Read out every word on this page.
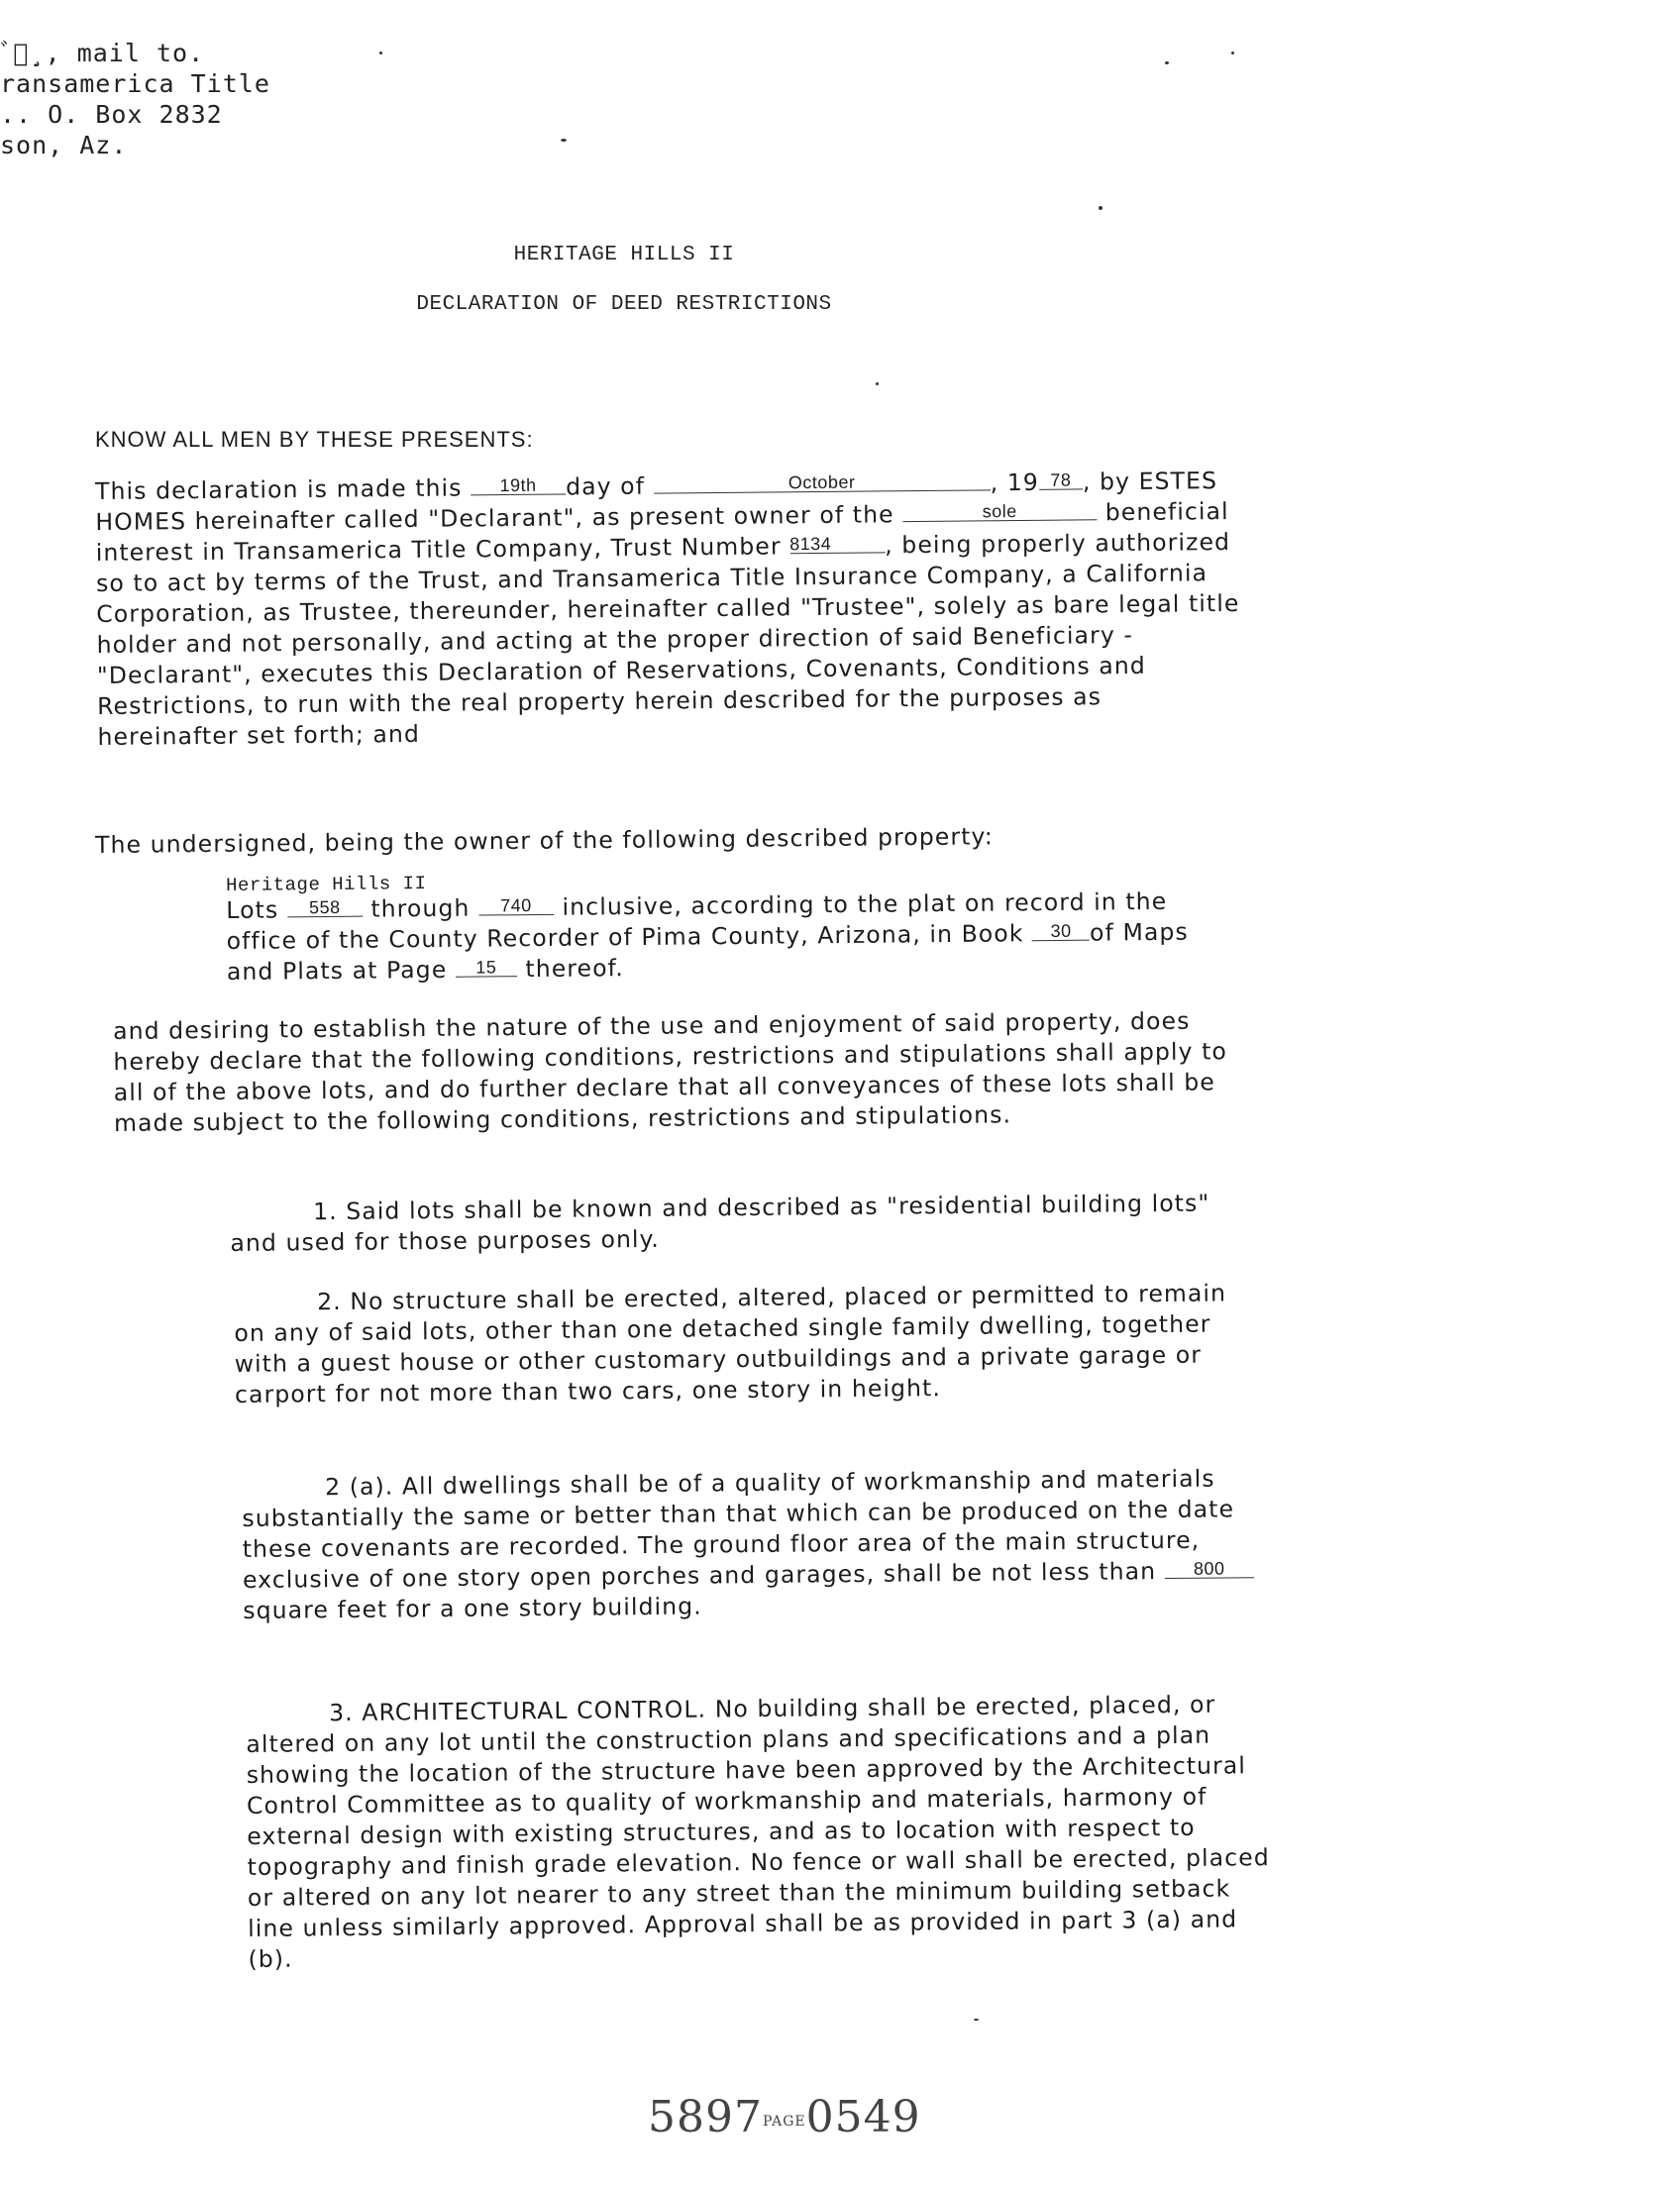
ﾞ・̣¸, mail to.
ransamerica Title
.. O. Box 2832
son, Az.
HERITAGE HILLS II
DECLARATION OF DEED RESTRICTIONS
KNOW ALL MEN BY THESE PRESENTS:

This declaration is made this 19th day of	October	, 19 78 , by ESTES HOMES hereinafter called "Declarant", as present owner of the	sole	beneficial interest in Transamerica Title Company, Trust Number 8134 , being properly authorized so to act by terms of the Trust, and Transamerica Title Insurance Company, a California Corporation, as Trustee, thereunder, hereinafter called "Trustee", solely as bare legal title holder and not personally, and acting at the proper direction of said Beneficiary - "Declarant", executes this Declaration of Reservations, Covenants, Conditions and Restrictions, to run with the real property herein described for the purposes as hereinafter set forth; and

The undersigned, being the owner of the following described property:
Heritage Hills II

Lots 558 through 740 inclusive, according to the plat on record in the office of the County Recorder of Pima County, Arizona, in Book 30 of Maps and Plats at Page 15 thereof.

and desiring to establish the nature of the use and enjoyment of said property, does hereby declare that the following conditions, restrictions and stipulations shall apply to all of the above lots, and do further declare that all conveyances of these lots shall be made subject to the following conditions, restrictions and stipulations.

1. Said lots shall be known and described as "residential building lots" and used for those purposes only.
2. No structure shall be erected, altered, placed or permitted to remain on any of said lots, other than one detached single family dwelling, together with a guest house or other customary outbuildings and a private garage or carport for not more than two cars, one story in height.
2 (a). All dwellings shall be of a quality of workmanship and materials substantially the same or better than that which can be produced on the date these covenants are recorded. The ground floor area of the main structure, exclusive of one story open porches and garages, shall be not less than 800square feet for a one story building.
3. ARCHITECTURAL CONTROL. No building shall be erected, placed, or altered on any lot until the construction plans and specifications and a plan showing the location of the structure have been approved by the Architectural Control Committee as to quality of workmanship and materials, harmony of external design with existing structures, and as to location with respect to topography and finish grade elevation. No fence or wall shall be erected, placed or altered on any lot nearer to any street than the minimum building setback line unless similarly approved. Approval shall be as provided in part 3 (a) and (b).
5897PAGE0549
